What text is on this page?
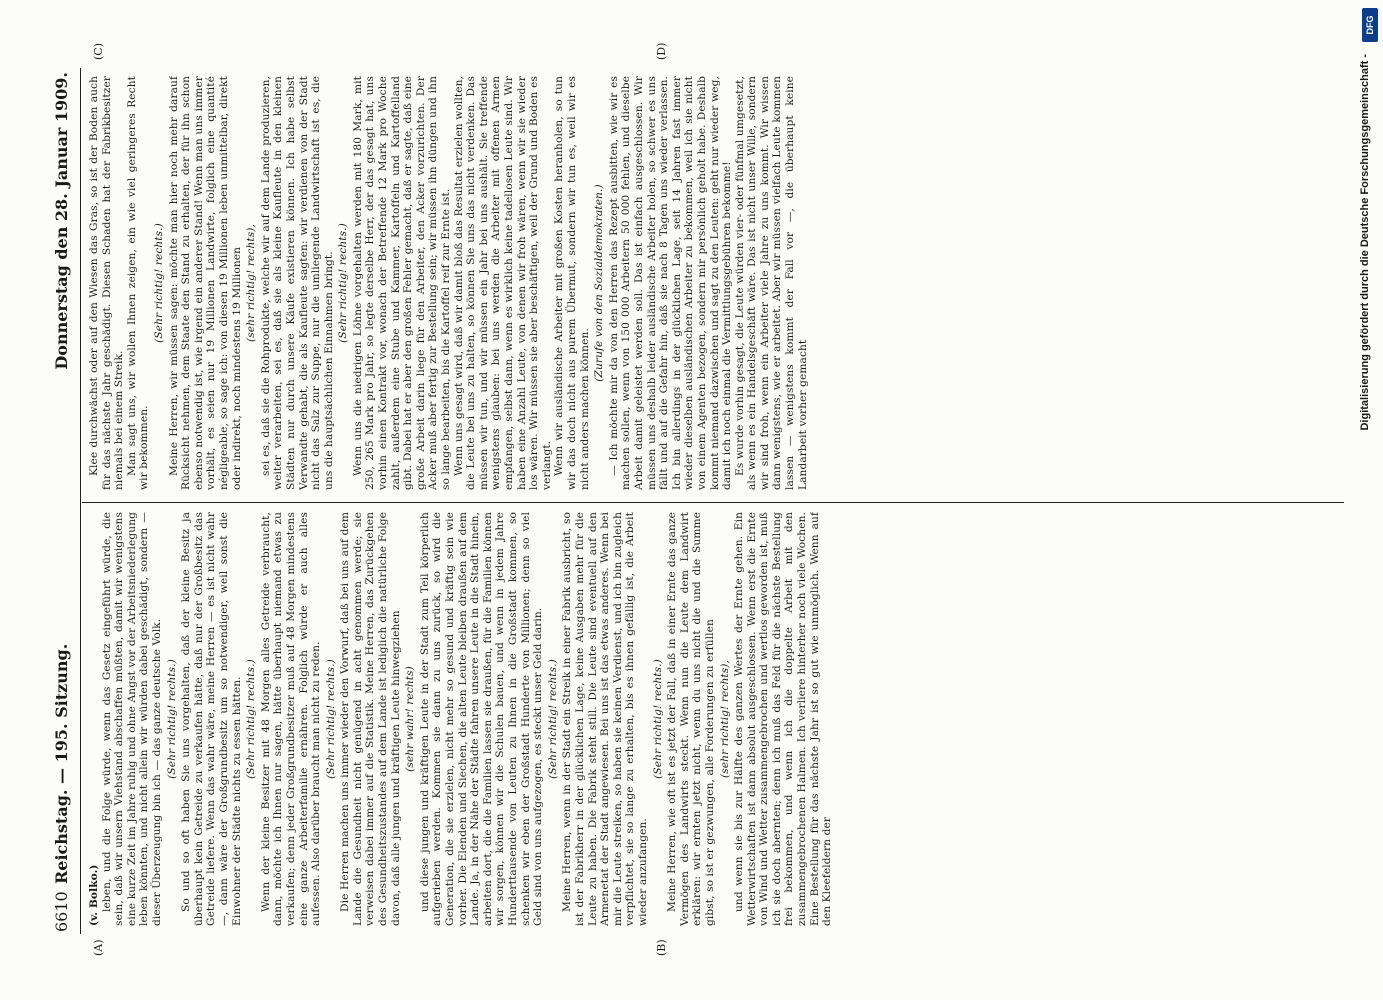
6610
Reichstag. — 195. Sitzung.
Donnerstag den 28. Januar 1909.
(A)	(B)
(C)	(D)

(v. Bolko.) leben, und die Folge würde, wenn das Gesetz eingeführt würde, die sein, daß wir unsern Viehstand abschaffen müßten, damit wir wenigstens eine kurze Zeit im Jahre ruhig und ohne Angst vor der Arbeitsniederlegung leben könnten, und nicht allein wir würden dabei geschädigt, sondern — dieser Überzeugung bin ich — das ganze deutsche Volk. (Sehr richtig! rechts.) So und so oft haben Sie uns vorgehalten, daß der kleine Besitz ja überhaupt kein Getreide zu verkaufen hätte, daß nur der Großbesitz das Getreide liefere. Wenn das wahr wäre, meine Herren — es ist nicht wahr —, dann wäre der Großgrundbesitz um so notwendiger, weil sonst die Einwohner der Städte nichts zu essen hätten. (Sehr richtig! rechts.) Wenn der kleine Besitzer mit 48 Morgen alles Getreide verbraucht, dann, möchte ich Ihnen nur sagen, hätte überhaupt niemand etwas zu verkaufen; denn jeder Großgrundbesitzer muß auf 48 Morgen mindestens eine ganze Arbeiterfamilie ernähren. Folglich würde er auch alles aufessen. Also darüber braucht man nicht zu reden. (Sehr richtig! rechts.) Die Herren machen uns immer wieder den Vorwurf, daß bei uns auf dem Lande die Gesundheit nicht genügend in acht genommen werde; sie verweisen dabei immer auf die Statistik. Meine Herren, das Zurückgehen des Gesundheitszustandes auf dem Lande ist lediglich die natürliche Folge davon, daß alle jungen und kräftigen Leute hinwegziehen (sehr wahr! rechts) und diese jungen und kräftigen Leute in der Stadt zum Teil körperlich aufgerieben werden. Kommen sie dann zu uns zurück, so wird die Generation, die sie erzielen, nicht mehr so gesund und kräftig sein wie vorher. Die Elenden und Siechen, die alten Leute bleiben draußen auf dem Lande. Ja, in der Nähe der Städte fahren unsere Leute in die Stadt hinein, arbeiten dort, die die Familien lassen sie draußen, für die Familien können wir sorgen, können wir die Schulen bauen, und wenn in jedem Jahre Hunderttausende von Leuten zu Ihnen in die Großstadt kommen, so schenken wir eben der Großstadt Hunderte von Millionen; denn so viel Geld sind von uns aufgezogen, es steckt unser Geld darin. (Sehr richtig! rechts.) Meine Herren, wenn in der Stadt ein Streik in einer Fabrik ausbricht, so ist der Fabrikherr in der glücklichen Lage, keine Ausgaben mehr für die Leute zu haben. Die Fabrik steht still. Die Leute sind eventuell auf den Armenetat der Stadt angewiesen. Bei uns ist das etwas anderes. Wenn bei mir die Leute streiken, so haben sie keinen Verdienst, und ich bin zugleich verpflichtet, sie so lange zu erhalten, bis es ihnen gefällig ist, die Arbeit wieder anzufangen.

(Sehr richtig! rechts.) Meine Herren, wie oft ist es jetzt der Fall, daß in einer Ernte das ganze Vermögen des Landwirts steckt. Wenn nun die Leute dem Landwirt erklären: wir ernten jetzt nicht, wenn du uns nicht die und die Summe gibst, so ist er gezwungen, alle Forderungen zu erfüllen (sehr richtig! rechts), und wenn sie bis zur Hälfte des ganzen Wertes der Ernte gehen. Ein Wetterwirtschaften ist dann absolut ausgeschlossen. Wenn erst die Ernte von Wind und Wetter zusammengebrochen und wertlos geworden ist, muß ich sie doch abernten; denn ich muß das Feld für die nächste Bestellung frei bekommen, und wenn ich die doppelte Arbeit mit den zusammengebrochenen Halmen. Ich verliere hinterher noch viele Wochen. Eine Bestellung für das nächste Jahr ist so gut wie unmöglich. Wenn auf den Kleefeldern der

Klee durchwächst oder auf den Wiesen das Gras, so ist der Boden auch für das nächste Jahr geschädigt. Diesen Schaden hat der Fabrikbesitzer niemals bei einem Streik. Man sagt uns, wir wollen Ihnen zeigen, ein wie viel geringeres Recht wir bekommen.

(Sehr richtig! rechts.) Meine Herren, wir müssen sagen: möchte man hier noch mehr darauf Rücksicht nehmen, dem Staate den Stand zu erhalten, der für ihn schon ebenso notwendig ist, wie irgend ein anderer Stand! Wenn man uns immer vorhält, es seien nur 19 Millionen Landwirte, folglich eine quantité négligeable, so sage ich: von diesen 19 Millionen leben unmittelbar, direkt oder indirekt, noch mindestens 19 Millionen (sehr richtig! rechts), sei es, daß sie die Rohprodukte, welche wir auf dem Lande produzieren, weiter verarbeiten, sei es, daß sie als kleine Kaufleute in den kleinen Städten nur durch unsere Käufe existieren können. Ich habe selbst Verwandte gehabt, die als Kaufleute sagten: wir verdienen von der Stadt nicht das Salz zur Suppe, nur die umliegende Landwirtschaft ist es, die uns die hauptsächlichen Einnahmen bringt. (Sehr richtig! rechts.) Wenn uns die niedrigen Löhne vorgehalten werden mit 180 Mark, mit 250, 265 Mark pro Jahr, so legte derselbe Herr, der das gesagt hat, uns vorhin einen Kontrakt vor, wonach der Betreffende 12 Mark pro Woche zahlt, außerdem eine Stube und Kammer, Kartoffeln und Kartoffelland gibt. Dabei hat er aber den großen Fehler gemacht, daß er sagte, daß eine große Arbeit darin liege für den Arbeiter, den Acker vorzurichten. Der Acker muß aber fertig zur Bestellung sein; wir müssen ihn düngen und ihn so lange bearbeiten, bis die Kartoffel reif zur Ernte ist. Wenn uns gesagt wird, daß wir damit bloß das Resultat erzielen wollten, die Leute bei uns zu halten, so können Sie uns das nicht verdenken. Das müssen wir tun, und wir müssen ein Jahr bei uns aushält. Sie treffende wenigstens glauben: bei uns werden die Arbeiter mit offenen Armen empfangen, selbst dann, wenn es wirklich keine tadellosen Leute sind. Wir haben eine Anzahl Leute, von denen wir froh wären, wenn wir sie wieder los wären. Wir müssen sie aber beschäftigen, weil der Grund und Boden es verlangt. Wenn wir ausländische Arbeiter mit großen Kosten heranholen, so tun wir das doch nicht aus purem Übermut, sondern wir tun es, weil wir es nicht anders machen können.

(Zurufe von den Sozialdemokraten.) — Ich möchte mir da von den Herren das Rezept ausbitten, wie wir es machen sollen, wenn von 150 000 Arbeitern 50 000 fehlen, und dieselbe Arbeit damit geleistet werden soll. Das ist einfach ausgeschlossen. Wir müssen uns deshalb leider ausländische Arbeiter holen, so schwer es uns fällt und auf die Gefahr hin, daß sie nach 8 Tagen uns wieder verlassen. Ich bin allerdings in der glücklichen Lage, seit 14 Jahren fast immer wieder dieselben ausländischen Arbeiter zu bekommen, weil ich sie nicht von einem Agenten bezogen, sondern mir persönlich geholt habe. Deshalb kommt niemand dazwischen und sagt zu den Leuten: geht nur wieder weg, damit ich noch einmal die Vermittlungsgebühren bekomme! Es wurde vorhin gesagt, die Leute würden vier- oder fünfmal umgesetzt, als wenn es ein Handelsgeschäft wäre. Das ist nicht unser Wille, sondern wir sind froh, wenn ein Arbeiter viele Jahre zu uns kommt. Wir wissen dann wenigstens, wie er arbeitet. Aber wir müssen vielfach Leute kommen lassen — wenigstens kommt der Fall vor —, die überhaupt keine Landarbeit vorher gemacht	Digitalisierung gefördert durch die Deutsche Forschungsgemeinschaft -
DFG
